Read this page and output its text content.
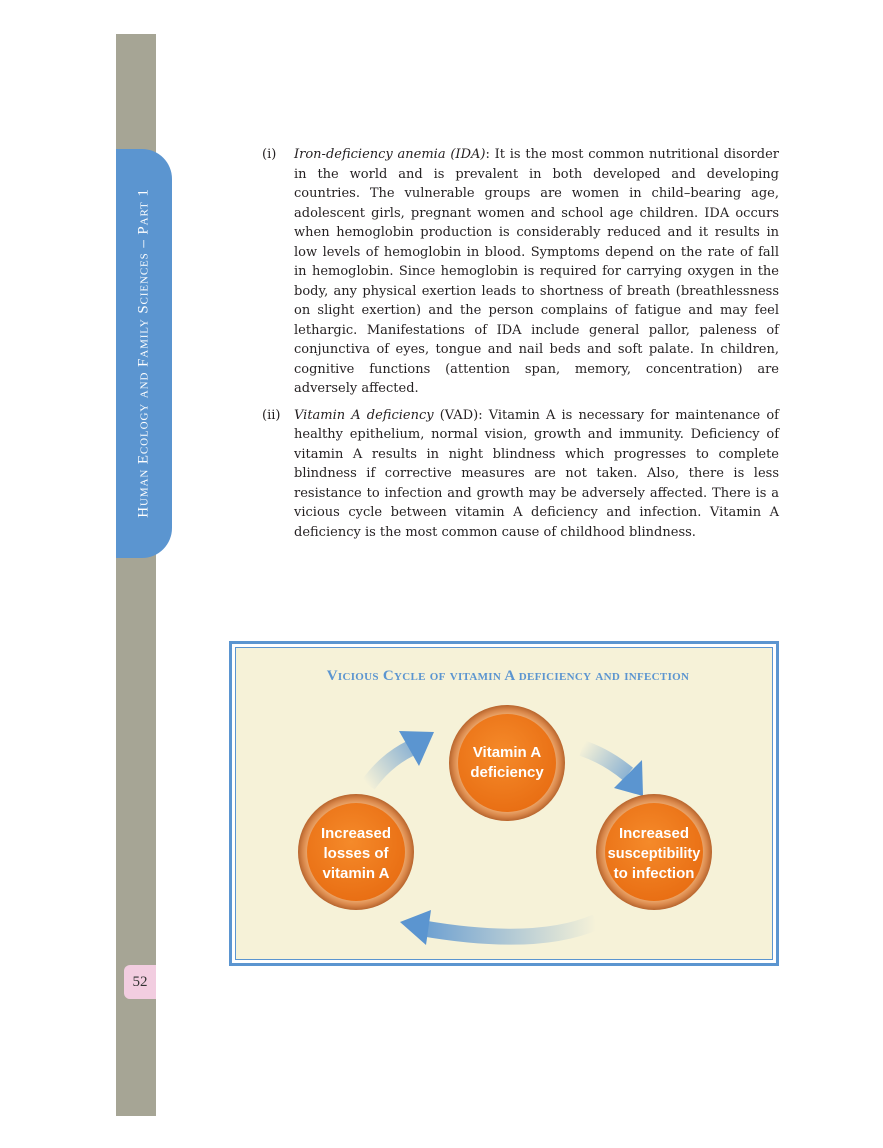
Human Ecology and Family Sciences – Part 1
52

(i) Iron-deficiency anemia (IDA): It is the most common nutritional disorder in the world and is prevalent in both developed and developing countries. The vulnerable groups are women in child–bearing age, adolescent girls, pregnant women and school age children. IDA occurs when hemoglobin production is considerably reduced and it results in low levels of hemoglobin in blood. Symptoms depend on the rate of fall in hemoglobin. Since hemoglobin is required for carrying oxygen in the body, any physical exertion leads to shortness of breath (breathlessness on slight exertion) and the person complains of fatigue and may feel lethargic. Manifestations of IDA include general pallor, paleness of conjunctiva of eyes, tongue and nail beds and soft palate. In children, cognitive functions (attention span, memory, concentration) are adversely affected.

(ii) Vitamin A deficiency (VAD): Vitamin A is necessary for maintenance of healthy epithelium, normal vision, growth and immunity. Deficiency of vitamin A results in night blindness which progresses to complete blindness if corrective measures are not taken. Also, there is less resistance to infection and growth may be adversely affected. There is a vicious cycle between vitamin A deficiency and infection. Vitamin A deficiency is the most common cause of childhood blindness.

Vicious Cycle of vitamin A deficiency and infection
Vitamin A
deficiency
Increased
susceptibility
to infection
Increased
losses of
vitamin A
